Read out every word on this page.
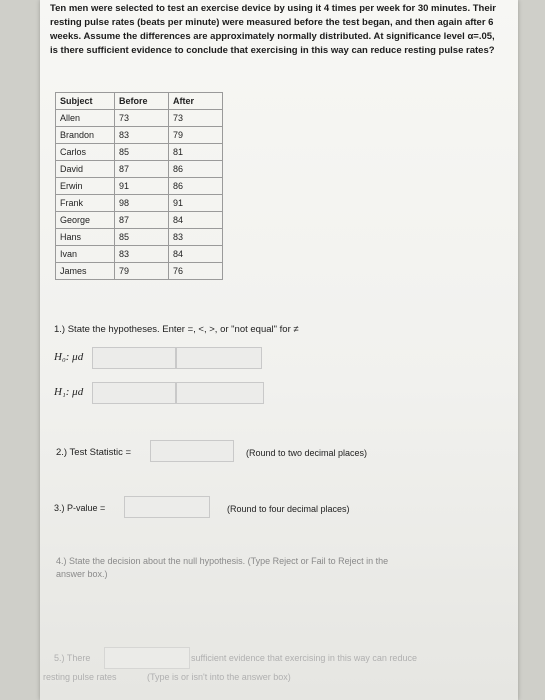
Ten men were selected to test an exercise device by using it 4 times per week for 30 minutes. Their
resting pulse rates (beats per minute) were measured before the test began, and then again after 6
weeks. Assume the differences are approximately normally distributed. At significance level α=.05,
is there sufficient evidence to conclude that exercising in this way can reduce resting pulse rates?
Subject	Before	After
Allen	73	73
Brandon	83	79
Carlos	85	81
David	87	86
Erwin	91	86
Frank	98	91
George	87	84
Hans	85	83
Ivan	83	84
James	79	76
1.) State the hypotheses. Enter =, <, >, or "not equal" for ≠
H₀: μd
H₁: μd
2.) Test Statistic =	(Round to two decimal places)
3.) P-value =	(Round to four decimal places)
4.) State the decision about the null hypothesis. (Type Reject or Fail to Reject in the
answer box.)
5.) There	sufficient evidence that exercising in this way can reduce
resting pulse rates	(Type is or isn't into the answer box)
